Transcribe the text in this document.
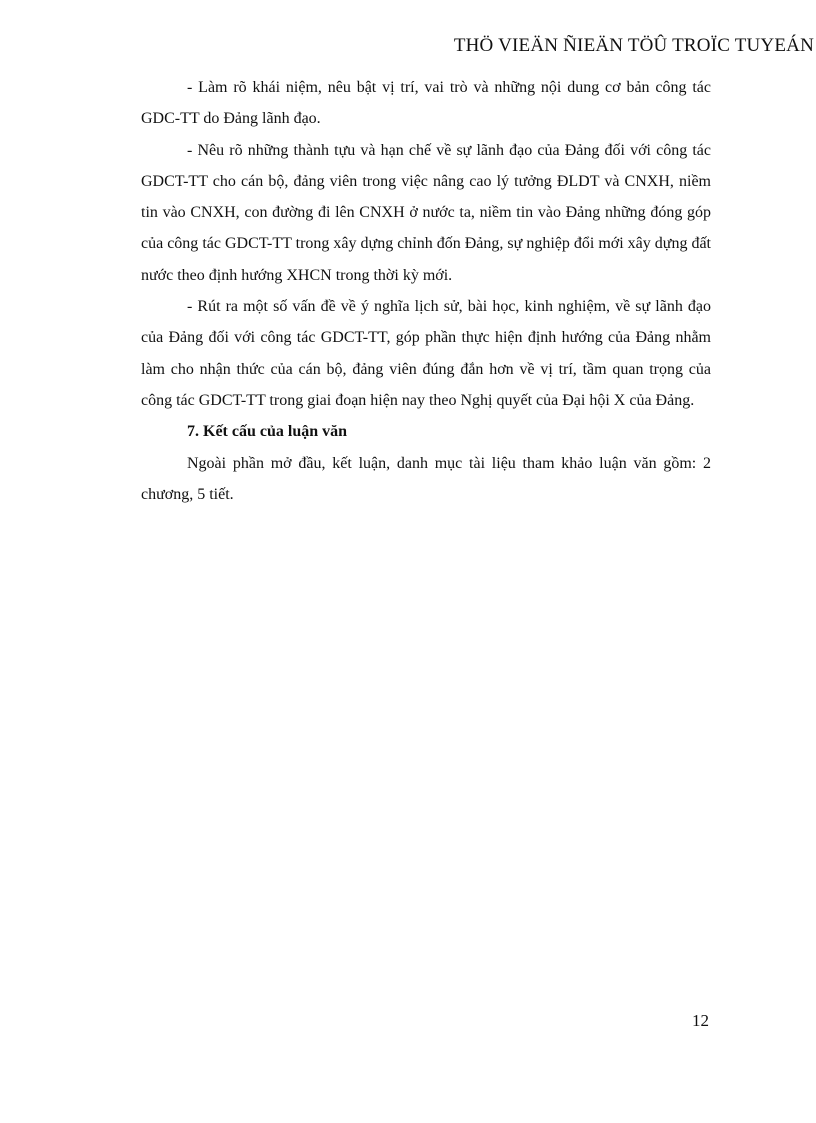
THÖ VIEÄN ÑIEÄN TÖÛ TROÏC TUYEÁN

- Làm rõ khái niệm, nêu bật vị trí, vai trò và những nội dung cơ bản công tác GDC-TT do Đảng lãnh đạo.

- Nêu rõ những thành tựu và hạn chế về sự lãnh đạo của Đảng đối với công tác GDCT-TT cho cán bộ, đảng viên trong việc nâng cao lý tưởng ĐLDT và CNXH, niềm tin vào CNXH, con đường đi lên CNXH ở nước ta, niềm tin vào Đảng những đóng góp của công tác GDCT-TT trong xây dựng chỉnh đốn Đảng, sự nghiệp đổi mới xây dựng đất nước theo định hướng XHCN trong thời kỳ mới.

- Rút ra một số vấn đề về ý nghĩa lịch sử, bài học, kinh nghiệm, về sự lãnh đạo của Đảng đối với công tác GDCT-TT, góp phần thực hiện định hướng của Đảng nhằm làm cho nhận thức của cán bộ, đảng viên đúng đắn hơn về vị trí, tầm quan trọng của công tác GDCT-TT trong giai đoạn hiện nay theo Nghị quyết của Đại hội X của Đảng.

7. Kết cấu của luận văn

Ngoài phần mở đầu, kết luận, danh mục tài liệu tham khảo luận văn gồm: 2 chương, 5 tiết.

12
